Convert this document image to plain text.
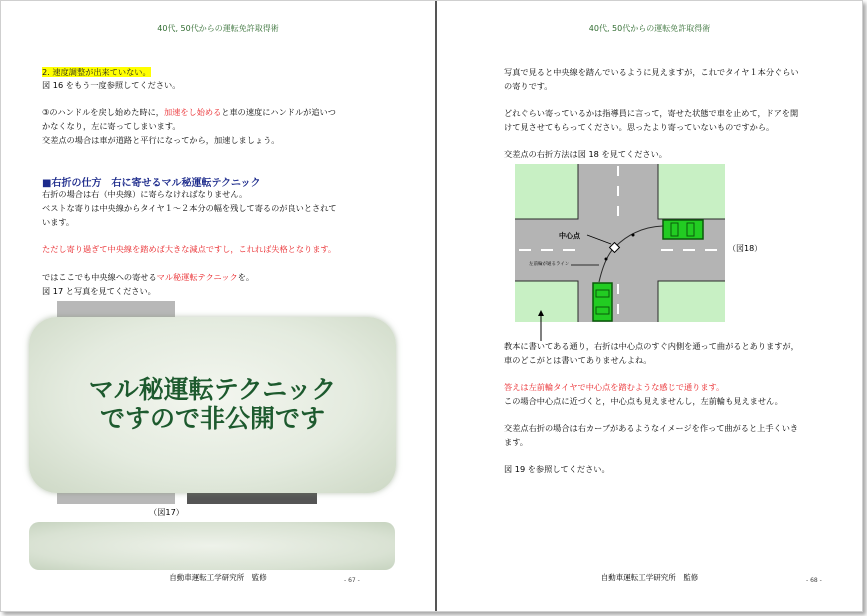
40代, 50代からの運転免許取得術
2. 速度調整が出来ていない。
図 16 をもう一度参照してください。
③のハンドルを戻し始めた時に，加速をし始めると車の速度にハンドルが追いつ
かなくなり，左に寄ってしまいます。
交差点の場合は車が道路と平行になってから，加速しましょう。
■右折の仕方　右に寄せるマル秘運転テクニック
右折の場合は右（中央線）に寄らなければなりません。
ベストな寄りは中央線からタイヤ１～２本分の幅を残して寄るのが良いとされて
います。
ただし寄り過ぎて中央線を踏めば大きな減点ですし，これれば失格となります。
ではここでも中央線への寄せるマル秘運転テクニックを。
図 17 と写真を見てください。
マル秘運転テクニック
ですので非公開です
（図17）
自動車運転工学研究所　監修	- 67 -
40代, 50代からの運転免許取得術
写真で見ると中央線を踏んでいるように見えますが，これでタイヤ１本分ぐらい
の寄りです。
どれぐらい寄っているかは指導員に言って，寄せた状態で車を止めて，ドアを開
けて見させてもらってください。思ったより寄っていないものですから。
交差点の右折方法は図 18 を見てください。
教本に書いてある通り，右折は中心点のすぐ内側を通って曲がるとありますが，
車のどこがとは書いてありませんよね。
答えは左前輪タイヤで中心点を踏むような感じで通ります。
この場合中心点に近づくと，中心点も見えませんし，左前輪も見えません。
交差点右折の場合は右カーブがあるようなイメージを作って曲がると上手くいき
ます。
図 19 を参照してください。
自動車運転工学研究所　監修	- 68 -
中心点
左前輪が通るライン
（図18）
